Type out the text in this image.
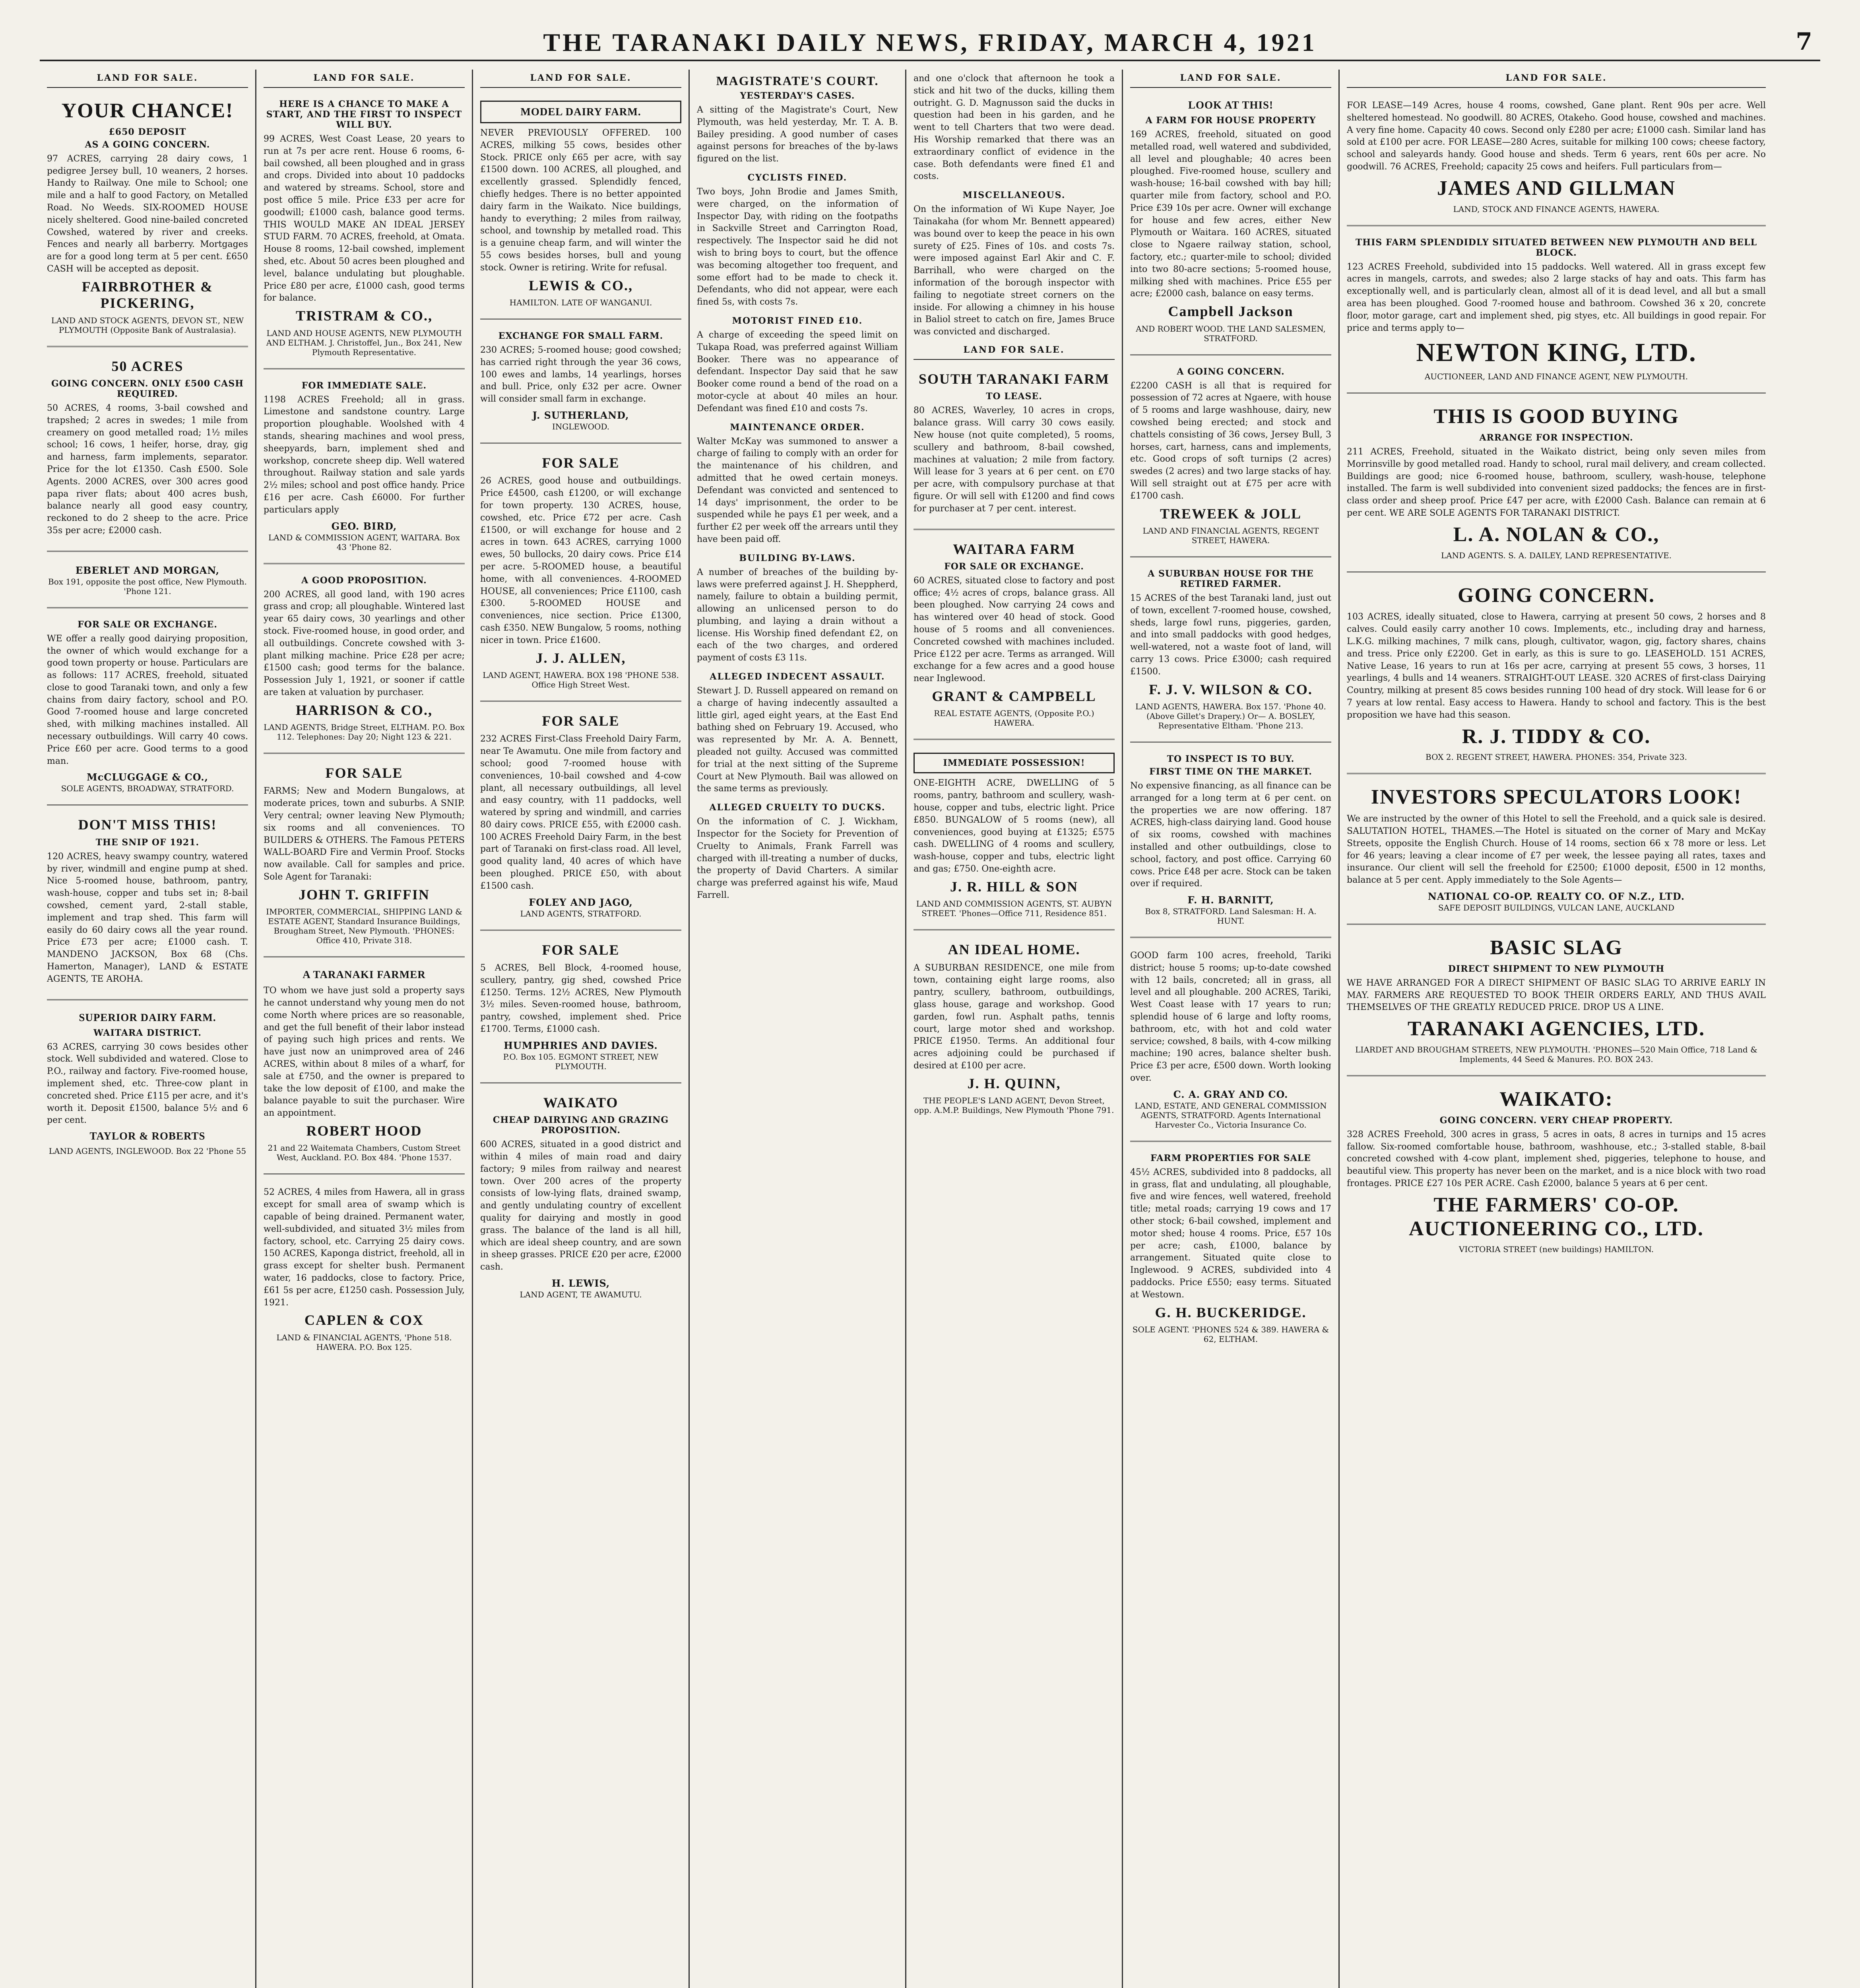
THE TARANAKI DAILY NEWS, FRIDAY, MARCH 4, 1921	7
LAND FOR SALE.
YOUR CHANCE!
£650 DEPOSIT
AS A GOING CONCERN.
97 ACRES, carrying 28 dairy cows, 1 pedigree Jersey bull, 10 weaners, 2 horses. Handy to Railway. One mile to School; one mile and a half to good Factory, on Metalled Road. No Weeds. SIX-ROOMED HOUSE nicely sheltered. Good nine-bailed concreted Cowshed, watered by river and creeks. Fences and nearly all barberry. Mortgages are for a good long term at 5 per cent. £650 CASH will be accepted as deposit.
FAIRBROTHER & PICKERING,
LAND AND STOCK AGENTS, DEVON ST., NEW PLYMOUTH (Opposite Bank of Australasia).
50 ACRES
GOING CONCERN. ONLY £500 CASH REQUIRED.
50 ACRES, 4 rooms, 3-bail cowshed and trapshed; 2 acres in swedes; 1 mile from creamery on good metalled road; 1½ miles school; 16 cows, 1 heifer, horse, dray, gig and harness, farm implements, separator. Price for the lot £1350. Cash £500. Sole Agents. 2000 ACRES, over 300 acres good papa river flats; about 400 acres bush, balance nearly all good easy country, reckoned to do 2 sheep to the acre. Price 35s per acre; £2000 cash.
EBERLET AND MORGAN,
Box 191, opposite the post office, New Plymouth. 'Phone 121.
FOR SALE OR EXCHANGE.
WE offer a really good dairying proposition, the owner of which would exchange for a good town property or house. Particulars are as follows: 117 ACRES, freehold, situated close to good Taranaki town, and only a few chains from dairy factory, school and P.O. Good 7-roomed house and large concreted shed, with milking machines installed. All necessary outbuildings. Will carry 40 cows. Price £60 per acre. Good terms to a good man.
McCLUGGAGE & CO.,
SOLE AGENTS, BROADWAY, STRATFORD.
DON'T MISS THIS!
THE SNIP OF 1921.
120 ACRES, heavy swampy country, watered by river, windmill and engine pump at shed. Nice 5-roomed house, bathroom, pantry, wash-house, copper and tubs set in; 8-bail cowshed, cement yard, 2-stall stable, implement and trap shed. This farm will easily do 60 dairy cows all the year round. Price £73 per acre; £1000 cash. T. MANDENO JACKSON, Box 68 (Chs. Hamerton, Manager), LAND & ESTATE AGENTS, TE AROHA.
SUPERIOR DAIRY FARM.
WAITARA DISTRICT.
63 ACRES, carrying 30 cows besides other stock. Well subdivided and watered. Close to P.O., railway and factory. Five-roomed house, implement shed, etc. Three-cow plant in concreted shed. Price £115 per acre, and it's worth it. Deposit £1500, balance 5½ and 6 per cent.
TAYLOR & ROBERTS
LAND AGENTS, INGLEWOOD. Box 22 'Phone 55
LAND FOR SALE.
HERE IS A CHANCE TO MAKE A START, AND THE FIRST TO INSPECT WILL BUY.
99 ACRES, West Coast Lease, 20 years to run at 7s per acre rent. House 6 rooms, 6-bail cowshed, all been ploughed and in grass and crops. Divided into about 10 paddocks and watered by streams. School, store and post office 5 mile. Price £33 per acre for goodwill; £1000 cash, balance good terms. THIS WOULD MAKE AN IDEAL JERSEY STUD FARM. 70 ACRES, freehold, at Omata. House 8 rooms, 12-bail cowshed, implement shed, etc. About 50 acres been ploughed and level, balance undulating but ploughable. Price £80 per acre, £1000 cash, good terms for balance.
TRISTRAM & CO.,
LAND AND HOUSE AGENTS, NEW PLYMOUTH AND ELTHAM. J. Christoffel, Jun., Box 241, New Plymouth Representative.
FOR IMMEDIATE SALE.
1198 ACRES Freehold; all in grass. Limestone and sandstone country. Large proportion ploughable. Woolshed with 4 stands, shearing machines and wool press, sheepyards, barn, implement shed and workshop, concrete sheep dip. Well watered throughout. Railway station and sale yards 2½ miles; school and post office handy. Price £16 per acre. Cash £6000. For further particulars apply
GEO. BIRD,
LAND & COMMISSION AGENT, WAITARA. Box 43 'Phone 82.
A GOOD PROPOSITION.
200 ACRES, all good land, with 190 acres grass and crop; all ploughable. Wintered last year 65 dairy cows, 30 yearlings and other stock. Five-roomed house, in good order, and all outbuildings. Concrete cowshed with 3-plant milking machine. Price £28 per acre; £1500 cash; good terms for the balance. Possession July 1, 1921, or sooner if cattle are taken at valuation by purchaser.
HARRISON & CO.,
LAND AGENTS, Bridge Street, ELTHAM. P.O. Box 112. Telephones: Day 20; Night 123 & 221.
FOR SALE
FARMS; New and Modern Bungalows, at moderate prices, town and suburbs. A SNIP. Very central; owner leaving New Plymouth; six rooms and all conveniences. TO BUILDERS & OTHERS. The Famous PETERS WALL-BOARD Fire and Vermin Proof. Stocks now available. Call for samples and price. Sole Agent for Taranaki:
JOHN T. GRIFFIN
IMPORTER, COMMERCIAL, SHIPPING LAND & ESTATE AGENT, Standard Insurance Buildings, Brougham Street, New Plymouth. 'PHONES: Office 410, Private 318.
A TARANAKI FARMER
TO whom we have just sold a property says he cannot understand why young men do not come North where prices are so reasonable, and get the full benefit of their labor instead of paying such high prices and rents. We have just now an unimproved area of 246 ACRES, within about 8 miles of a wharf, for sale at £750, and the owner is prepared to take the low deposit of £100, and make the balance payable to suit the purchaser. Wire an appointment.
ROBERT HOOD
21 and 22 Waitemata Chambers, Custom Street West, Auckland. P.O. Box 484. 'Phone 1537.
52 ACRES, 4 miles from Hawera, all in grass except for small area of swamp which is capable of being drained. Permanent water, well-subdivided, and situated 3½ miles from factory, school, etc. Carrying 25 dairy cows. 150 ACRES, Kaponga district, freehold, all in grass except for shelter bush. Permanent water, 16 paddocks, close to factory. Price, £61 5s per acre, £1250 cash. Possession July, 1921.
CAPLEN & COX
LAND & FINANCIAL AGENTS, 'Phone 518. HAWERA. P.O. Box 125.
LAND FOR SALE.
MODEL DAIRY FARM.
NEVER PREVIOUSLY OFFERED. 100 ACRES, milking 55 cows, besides other Stock. PRICE only £65 per acre, with say £1500 down. 100 ACRES, all ploughed, and excellently grassed. Splendidly fenced, chiefly hedges. There is no better appointed dairy farm in the Waikato. Nice buildings, handy to everything; 2 miles from railway, school, and township by metalled road. This is a genuine cheap farm, and will winter the 55 cows besides horses, bull and young stock. Owner is retiring. Write for refusal.
LEWIS & CO.,
HAMILTON. LATE OF WANGANUI.
EXCHANGE FOR SMALL FARM.
230 ACRES; 5-roomed house; good cowshed; has carried right through the year 36 cows, 100 ewes and lambs, 14 yearlings, horses and bull. Price, only £32 per acre. Owner will consider small farm in exchange.
J. SUTHERLAND,
INGLEWOOD.
FOR SALE
26 ACRES, good house and outbuildings. Price £4500, cash £1200, or will exchange for town property. 130 ACRES, house, cowshed, etc. Price £72 per acre. Cash £1500, or will exchange for house and 2 acres in town. 643 ACRES, carrying 1000 ewes, 50 bullocks, 20 dairy cows. Price £14 per acre. 5-ROOMED house, a beautiful home, with all conveniences. 4-ROOMED HOUSE, all conveniences; Price £1100, cash £300. 5-ROOMED HOUSE and conveniences, nice section. Price £1300, cash £350. NEW Bungalow, 5 rooms, nothing nicer in town. Price £1600.
J. J. ALLEN,
LAND AGENT, HAWERA. BOX 198 'PHONE 538. Office High Street West.
FOR SALE
232 ACRES First-Class Freehold Dairy Farm, near Te Awamutu. One mile from factory and school; good 7-roomed house with conveniences, 10-bail cowshed and 4-cow plant, all necessary outbuildings, all level and easy country, with 11 paddocks, well watered by spring and windmill, and carries 80 dairy cows. PRICE £55, with £2000 cash. 100 ACRES Freehold Dairy Farm, in the best part of Taranaki on first-class road. All level, good quality land, 40 acres of which have been ploughed. PRICE £50, with about £1500 cash.
FOLEY AND JAGO,
LAND AGENTS, STRATFORD.
FOR SALE
5 ACRES, Bell Block, 4-roomed house, scullery, pantry, gig shed, cowshed Price £1250. Terms. 12½ ACRES, New Plymouth 3½ miles. Seven-roomed house, bathroom, pantry, cowshed, implement shed. Price £1700. Terms, £1000 cash.
HUMPHRIES AND DAVIES.
P.O. Box 105. EGMONT STREET, NEW PLYMOUTH.
WAIKATO
CHEAP DAIRYING AND GRAZING PROPOSITION.
600 ACRES, situated in a good district and within 4 miles of main road and dairy factory; 9 miles from railway and nearest town. Over 200 acres of the property consists of low-lying flats, drained swamp, and gently undulating country of excellent quality for dairying and mostly in good grass. The balance of the land is all hill, which are ideal sheep country, and are sown in sheep grasses. PRICE £20 per acre, £2000 cash.
H. LEWIS,
LAND AGENT, TE AWAMUTU.
MAGISTRATE'S COURT.
YESTERDAY'S CASES.
A sitting of the Magistrate's Court, New Plymouth, was held yesterday, Mr. T. A. B. Bailey presiding. A good number of cases against persons for breaches of the by-laws figured on the list.
CYCLISTS FINED.
Two boys, John Brodie and James Smith, were charged, on the information of Inspector Day, with riding on the footpaths in Sackville Street and Carrington Road, respectively. The Inspector said he did not wish to bring boys to court, but the offence was becoming altogether too frequent, and some effort had to be made to check it. Defendants, who did not appear, were each fined 5s, with costs 7s.
MOTORIST FINED £10.
A charge of exceeding the speed limit on Tukapa Road, was preferred against William Booker. There was no appearance of defendant. Inspector Day said that he saw Booker come round a bend of the road on a motor-cycle at about 40 miles an hour. Defendant was fined £10 and costs 7s.
MAINTENANCE ORDER.
Walter McKay was summoned to answer a charge of failing to comply with an order for the maintenance of his children, and admitted that he owed certain moneys. Defendant was convicted and sentenced to 14 days' imprisonment, the order to be suspended while he pays £1 per week, and a further £2 per week off the arrears until they have been paid off.
BUILDING BY-LAWS.
A number of breaches of the building by-laws were preferred against J. H. Sheppherd, namely, failure to obtain a building permit, allowing an unlicensed person to do plumbing, and laying a drain without a license. His Worship fined defendant £2, on each of the two charges, and ordered payment of costs £3 11s.
ALLEGED INDECENT ASSAULT.
Stewart J. D. Russell appeared on remand on a charge of having indecently assaulted a little girl, aged eight years, at the East End bathing shed on February 19. Accused, who was represented by Mr. A. A. Bennett, pleaded not guilty. Accused was committed for trial at the next sitting of the Supreme Court at New Plymouth. Bail was allowed on the same terms as previously.
ALLEGED CRUELTY TO DUCKS.
On the information of C. J. Wickham, Inspector for the Society for Prevention of Cruelty to Animals, Frank Farrell was charged with ill-treating a number of ducks, the property of David Charters. A similar charge was preferred against his wife, Maud Farrell.
and one o'clock that afternoon he took a stick and hit two of the ducks, killing them outright. G. D. Magnusson said the ducks in question had been in his garden, and he went to tell Charters that two were dead. His Worship remarked that there was an extraordinary conflict of evidence in the case. Both defendants were fined £1 and costs.
MISCELLANEOUS.
On the information of Wi Kupe Nayer, Joe Tainakaha (for whom Mr. Bennett appeared) was bound over to keep the peace in his own surety of £25. Fines of 10s. and costs 7s. were imposed against Earl Akir and C. F. Barrihall, who were charged on the information of the borough inspector with failing to negotiate street corners on the inside. For allowing a chimney in his house in Baliol street to catch on fire, James Bruce was convicted and discharged.
LAND FOR SALE.
SOUTH TARANAKI FARM
TO LEASE.
80 ACRES, Waverley, 10 acres in crops, balance grass. Will carry 30 cows easily. New house (not quite completed), 5 rooms, scullery and bathroom, 8-bail cowshed, machines at valuation; 2 mile from factory. Will lease for 3 years at 6 per cent. on £70 per acre, with compulsory purchase at that figure. Or will sell with £1200 and find cows for purchaser at 7 per cent. interest.
WAITARA FARM
FOR SALE OR EXCHANGE.
60 ACRES, situated close to factory and post office; 4½ acres of crops, balance grass. All been ploughed. Now carrying 24 cows and has wintered over 40 head of stock. Good house of 5 rooms and all conveniences. Concreted cowshed with machines included. Price £122 per acre. Terms as arranged. Will exchange for a few acres and a good house near Inglewood.
GRANT & CAMPBELL
REAL ESTATE AGENTS, (Opposite P.O.) HAWERA.
IMMEDIATE POSSESSION!
ONE-EIGHTH ACRE, DWELLING of 5 rooms, pantry, bathroom and scullery, wash-house, copper and tubs, electric light. Price £850. BUNGALOW of 5 rooms (new), all conveniences, good buying at £1325; £575 cash. DWELLING of 4 rooms and scullery, wash-house, copper and tubs, electric light and gas; £750. One-eighth acre.
J. R. HILL & SON
LAND AND COMMISSION AGENTS, ST. AUBYN STREET. 'Phones—Office 711, Residence 851.
AN IDEAL HOME.
A SUBURBAN RESIDENCE, one mile from town, containing eight large rooms, also pantry, scullery, bathroom, outbuildings, glass house, garage and workshop. Good garden, fowl run. Asphalt paths, tennis court, large motor shed and workshop. PRICE £1950. Terms. An additional four acres adjoining could be purchased if desired at £100 per acre.
J. H. QUINN,
THE PEOPLE'S LAND AGENT, Devon Street, opp. A.M.P. Buildings, New Plymouth 'Phone 791.
LAND FOR SALE.
LOOK AT THIS!
A FARM FOR HOUSE PROPERTY
169 ACRES, freehold, situated on good metalled road, well watered and subdivided, all level and ploughable; 40 acres been ploughed. Five-roomed house, scullery and wash-house; 16-bail cowshed with bay hill; quarter mile from factory, school and P.O. Price £39 10s per acre. Owner will exchange for house and few acres, either New Plymouth or Waitara. 160 ACRES, situated close to Ngaere railway station, school, factory, etc.; quarter-mile to school; divided into two 80-acre sections; 5-roomed house, milking shed with machines. Price £55 per acre; £2000 cash, balance on easy terms.
Campbell Jackson
AND ROBERT WOOD. THE LAND SALESMEN, STRATFORD.
A GOING CONCERN.
£2200 CASH is all that is required for possession of 72 acres at Ngaere, with house of 5 rooms and large washhouse, dairy, new cowshed being erected; and stock and chattels consisting of 36 cows, Jersey Bull, 3 horses, cart, harness, cans and implements, etc. Good crops of soft turnips (2 acres) swedes (2 acres) and two large stacks of hay. Will sell straight out at £75 per acre with £1700 cash.
TREWEEK & JOLL
LAND AND FINANCIAL AGENTS, REGENT STREET, HAWERA.
A SUBURBAN HOUSE FOR THE RETIRED FARMER.
15 ACRES of the best Taranaki land, just out of town, excellent 7-roomed house, cowshed, sheds, large fowl runs, piggeries, garden, and into small paddocks with good hedges, well-watered, not a waste foot of land, will carry 13 cows. Price £3000; cash required £1500.
F. J. V. WILSON & CO.
LAND AGENTS, HAWERA. Box 157. 'Phone 40. (Above Gillet's Drapery.) Or— A. BOSLEY, Representative Eltham. 'Phone 213.
TO INSPECT IS TO BUY.
FIRST TIME ON THE MARKET.
No expensive financing, as all finance can be arranged for a long term at 6 per cent. on the properties we are now offering. 187 ACRES, high-class dairying land. Good house of six rooms, cowshed with machines installed and other outbuildings, close to school, factory, and post office. Carrying 60 cows. Price £48 per acre. Stock can be taken over if required.
F. H. BARNITT,
Box 8, STRATFORD. Land Salesman: H. A. HUNT.
GOOD farm 100 acres, freehold, Tariki district; house 5 rooms; up-to-date cowshed with 12 bails, concreted; all in grass, all level and all ploughable. 200 ACRES, Tariki, West Coast lease with 17 years to run; splendid house of 6 large and lofty rooms, bathroom, etc, with hot and cold water service; cowshed, 8 bails, with 4-cow milking machine; 190 acres, balance shelter bush. Price £3 per acre, £500 down. Worth looking over.
C. A. GRAY AND CO.
LAND, ESTATE, AND GENERAL COMMISSION AGENTS, STRATFORD. Agents International Harvester Co., Victoria Insurance Co.
FARM PROPERTIES FOR SALE
45½ ACRES, subdivided into 8 paddocks, all in grass, flat and undulating, all ploughable, five and wire fences, well watered, freehold title; metal roads; carrying 19 cows and 17 other stock; 6-bail cowshed, implement and motor shed; house 4 rooms. Price, £57 10s per acre; cash, £1000, balance by arrangement. Situated quite close to Inglewood. 9 ACRES, subdivided into 4 paddocks. Price £550; easy terms. Situated at Westown.
G. H. BUCKERIDGE.
SOLE AGENT. 'PHONES 524 & 389. HAWERA & 62, ELTHAM.
LAND FOR SALE.
FOR LEASE—149 Acres, house 4 rooms, cowshed, Gane plant. Rent 90s per acre. Well sheltered homestead. No goodwill. 80 ACRES, Otakeho. Good house, cowshed and machines. A very fine home. Capacity 40 cows. Second only £280 per acre; £1000 cash. Similar land has sold at £100 per acre. FOR LEASE—280 Acres, suitable for milking 100 cows; cheese factory, school and saleyards handy. Good house and sheds. Term 6 years, rent 60s per acre. No goodwill. 76 ACRES, Freehold; capacity 25 cows and heifers. Full particulars from—
JAMES AND GILLMAN
LAND, STOCK AND FINANCE AGENTS, HAWERA.
THIS FARM SPLENDIDLY SITUATED BETWEEN NEW PLYMOUTH AND BELL BLOCK.
123 ACRES Freehold, subdivided into 15 paddocks. Well watered. All in grass except few acres in mangels, carrots, and swedes; also 2 large stacks of hay and oats. This farm has exceptionally well, and is particularly clean, almost all of it is dead level, and all but a small area has been ploughed. Good 7-roomed house and bathroom. Cowshed 36 x 20, concrete floor, motor garage, cart and implement shed, pig styes, etc. All buildings in good repair. For price and terms apply to—
NEWTON KING, LTD.
AUCTIONEER, LAND AND FINANCE AGENT, NEW PLYMOUTH.
THIS IS GOOD BUYING
ARRANGE FOR INSPECTION.
211 ACRES, Freehold, situated in the Waikato district, being only seven miles from Morrinsville by good metalled road. Handy to school, rural mail delivery, and cream collected. Buildings are good; nice 6-roomed house, bathroom, scullery, wash-house, telephone installed. The farm is well subdivided into convenient sized paddocks; the fences are in first-class order and sheep proof. Price £47 per acre, with £2000 Cash. Balance can remain at 6 per cent. WE ARE SOLE AGENTS FOR TARANAKI DISTRICT.
L. A. NOLAN & CO.,
LAND AGENTS. S. A. DAILEY, LAND REPRESENTATIVE.
GOING CONCERN.
103 ACRES, ideally situated, close to Hawera, carrying at present 50 cows, 2 horses and 8 calves. Could easily carry another 10 cows. Implements, etc., including dray and harness, L.K.G. milking machines, 7 milk cans, plough, cultivator, wagon, gig, factory shares, chains and tress. Price only £2200. Get in early, as this is sure to go. LEASEHOLD. 151 ACRES, Native Lease, 16 years to run at 16s per acre, carrying at present 55 cows, 3 horses, 11 yearlings, 4 bulls and 14 weaners. STRAIGHT-OUT LEASE. 320 ACRES of first-class Dairying Country, milking at present 85 cows besides running 100 head of dry stock. Will lease for 6 or 7 years at low rental. Easy access to Hawera. Handy to school and factory. This is the best proposition we have had this season.
R. J. TIDDY & CO.
BOX 2. REGENT STREET, HAWERA. PHONES: 354, Private 323.
INVESTORS SPECULATORS LOOK!
We are instructed by the owner of this Hotel to sell the Freehold, and a quick sale is desired. SALUTATION HOTEL, THAMES.—The Hotel is situated on the corner of Mary and McKay Streets, opposite the English Church. House of 14 rooms, section 66 x 78 more or less. Let for 46 years; leaving a clear income of £7 per week, the lessee paying all rates, taxes and insurance. Our client will sell the freehold for £2500; £1000 deposit, £500 in 12 months, balance at 5 per cent. Apply immediately to the Sole Agents—
NATIONAL CO-OP. REALTY CO. OF N.Z., LTD.
SAFE DEPOSIT BUILDINGS, VULCAN LANE, AUCKLAND
BASIC SLAG
DIRECT SHIPMENT TO NEW PLYMOUTH
WE HAVE ARRANGED FOR A DIRECT SHIPMENT OF BASIC SLAG TO ARRIVE EARLY IN MAY. FARMERS ARE REQUESTED TO BOOK THEIR ORDERS EARLY, AND THUS AVAIL THEMSELVES OF THE GREATLY REDUCED PRICE. DROP US A LINE.
TARANAKI AGENCIES, LTD.
LIARDET AND BROUGHAM STREETS, NEW PLYMOUTH. 'PHONES—520 Main Office, 718 Land & Implements, 44 Seed & Manures. P.O. BOX 243.
WAIKATO:
GOING CONCERN. VERY CHEAP PROPERTY.
328 ACRES Freehold, 300 acres in grass, 5 acres in oats, 8 acres in turnips and 15 acres fallow. Six-roomed comfortable house, bathroom, washhouse, etc.; 3-stalled stable, 8-bail concreted cowshed with 4-cow plant, implement shed, piggeries, telephone to house, and beautiful view. This property has never been on the market, and is a nice block with two road frontages. PRICE £27 10s PER ACRE. Cash £2000, balance 5 years at 6 per cent.
THE FARMERS' CO-OP. AUCTIONEERING CO., LTD.
VICTORIA STREET (new buildings) HAMILTON.
